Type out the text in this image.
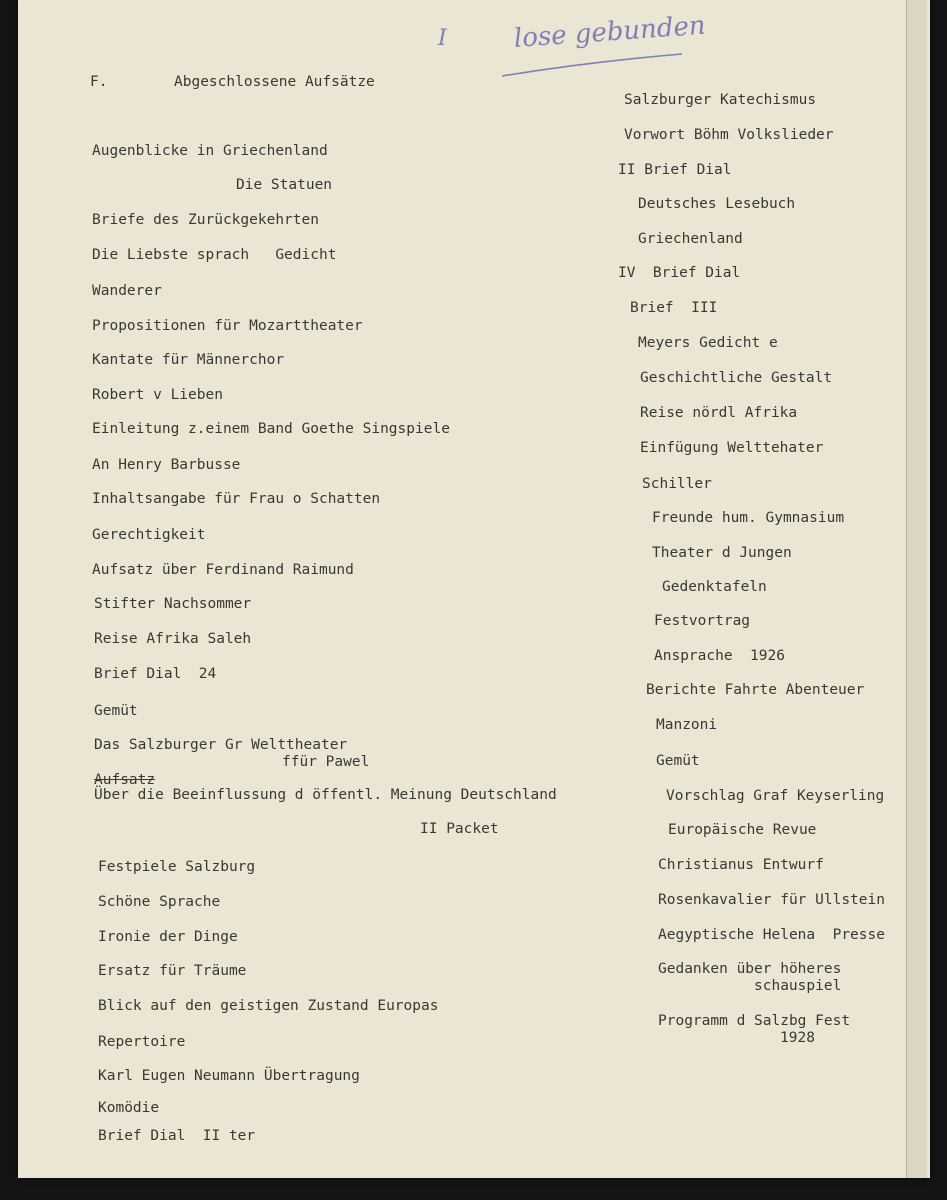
I	lose gebunden

F.	Abgeschlossene Aufsätze

Augenblicke in Griechenland

Die Statuen

Briefe des Zurückgekehrten

Die Liebste sprach   Gedicht

Wanderer

Propositionen für Mozarttheater

Kantate für Männerchor

Robert v Lieben

Einleitung z.einem Band Goethe Singspiele

An Henry Barbusse

Inhaltsangabe für Frau o Schatten

Gerechtigkeit

Aufsatz über Ferdinand Raimund

Stifter Nachsommer

Reise Afrika Saleh

Brief Dial  24

Gemüt

Das Salzburger Gr Welttheater

ffür Pawel

Aufsatz

Über die Beeinflussung d öffentl. Meinung Deutschland

II Packet

Festpiele Salzburg

Schöne Sprache

Ironie der Dinge

Ersatz für Träume

Blick auf den geistigen Zustand Europas

Repertoire

Karl Eugen Neumann Übertragung

Komödie

Brief Dial  II ter

Salzburger Katechismus

Vorwort Böhm Volkslieder

II Brief Dial

Deutsches Lesebuch

Griechenland

IV  Brief Dial

Brief  III

Meyers Gedicht e

Geschichtliche Gestalt

Reise nördl Afrika

Einfügung Welttehater

Schiller

Freunde hum. Gymnasium

Theater d Jungen

Gedenktafeln

Festvortrag

Ansprache  1926

Berichte Fahrte Abenteuer

Manzoni

Gemüt

Vorschlag Graf Keyserling

Europäische Revue

Christianus Entwurf

Rosenkavalier für Ullstein

Aegyptische Helena  Presse

Gedanken über höheres

schauspiel

Programm d Salzbg Fest

1928
